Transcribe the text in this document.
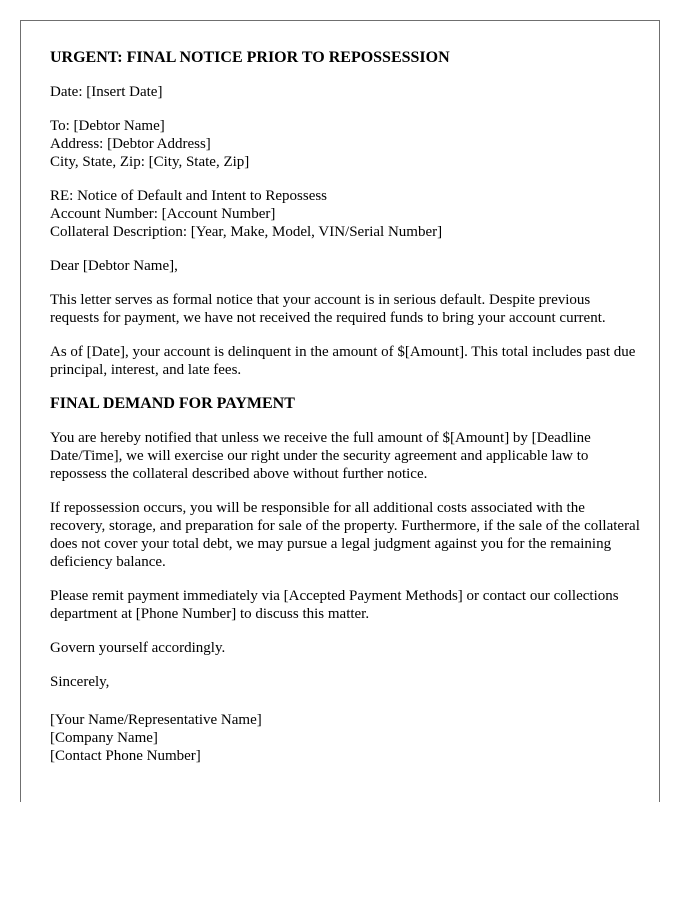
URGENT: FINAL NOTICE PRIOR TO REPOSSESSION

Date: [Insert Date]

To: [Debtor Name]
Address: [Debtor Address]
City, State, Zip: [City, State, Zip]

RE: Notice of Default and Intent to Repossess
Account Number: [Account Number]
Collateral Description: [Year, Make, Model, VIN/Serial Number]

Dear [Debtor Name],

This letter serves as formal notice that your account is in serious default. Despite previous requests for payment, we have not received the required funds to bring your account current.

As of [Date], your account is delinquent in the amount of $[Amount]. This total includes past due principal, interest, and late fees.

FINAL DEMAND FOR PAYMENT

You are hereby notified that unless we receive the full amount of $[Amount] by [Deadline Date/Time], we will exercise our right under the security agreement and applicable law to repossess the collateral described above without further notice.

If repossession occurs, you will be responsible for all additional costs associated with the recovery, storage, and preparation for sale of the property. Furthermore, if the sale of the collateral does not cover your total debt, we may pursue a legal judgment against you for the remaining deficiency balance.

Please remit payment immediately via [Accepted Payment Methods] or contact our collections department at [Phone Number] to discuss this matter.

Govern yourself accordingly.

Sincerely,

[Your Name/Representative Name]
[Company Name]
[Contact Phone Number]
